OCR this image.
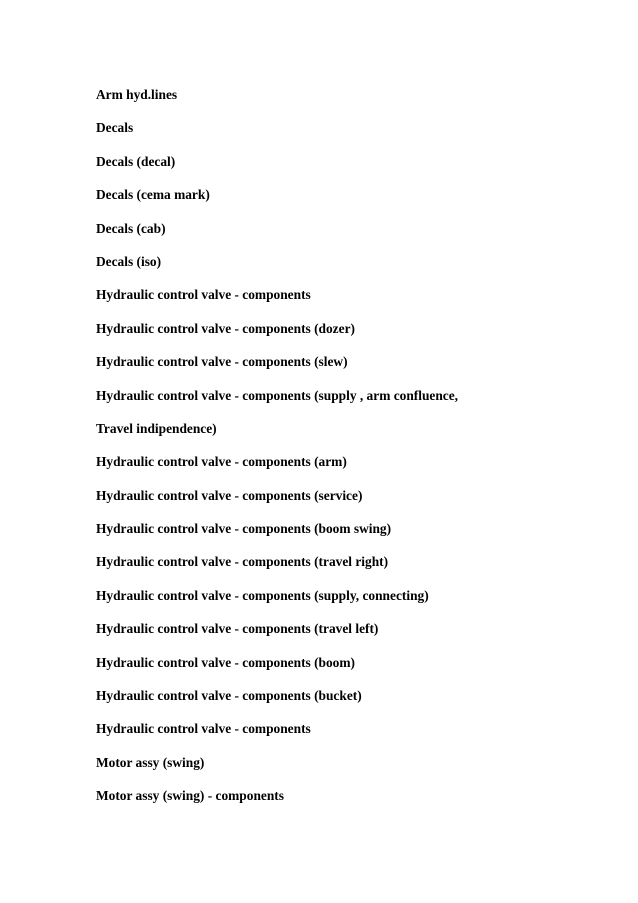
Arm hyd.lines
Decals
Decals (decal)
Decals (cema mark)
Decals (cab)
Decals (iso)
Hydraulic control valve - components
Hydraulic control valve - components (dozer)
Hydraulic control valve - components (slew)
Hydraulic control valve - components (supply , arm confluence,
Travel indipendence)
Hydraulic control valve - components (arm)
Hydraulic control valve - components (service)
Hydraulic control valve - components (boom swing)
Hydraulic control valve - components (travel right)
Hydraulic control valve - components (supply, connecting)
Hydraulic control valve - components (travel left)
Hydraulic control valve - components (boom)
Hydraulic control valve - components (bucket)
Hydraulic control valve - components
Motor assy (swing)
Motor assy (swing) - components
